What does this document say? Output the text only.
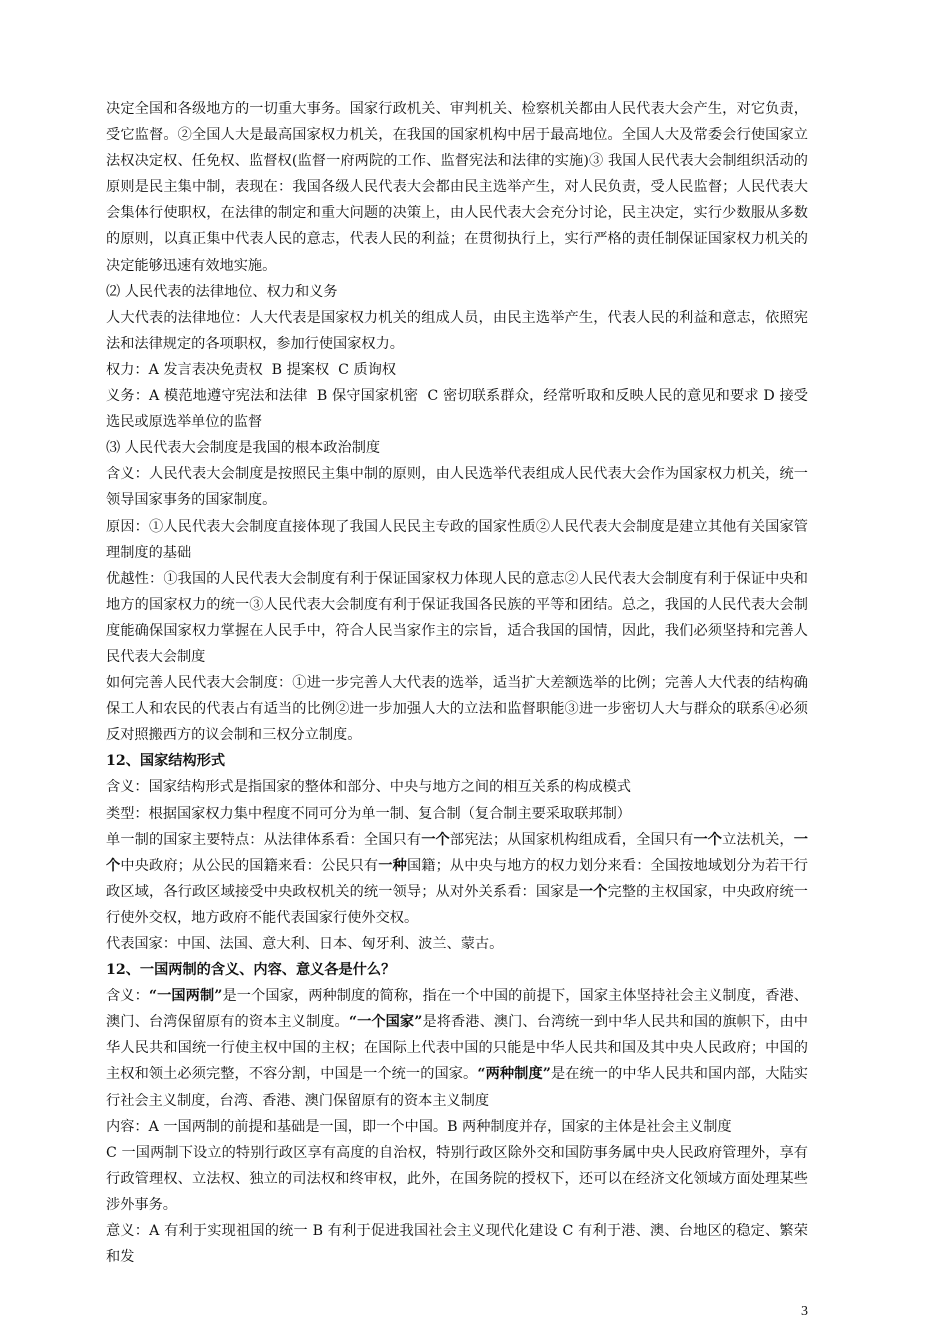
决定全国和各级地方的一切重大事务。国家行政机关、审判机关、检察机关都由人民代表大会产生，对它负责，受它监督。②全国人大是最高国家权力机关，在我国的国家机构中居于最高地位。全国人大及常委会行使国家立法权决定权、任免权、监督权(监督一府两院的工作、监督宪法和法律的实施)③ 我国人民代表大会制组织活动的原则是民主集中制，表现在：我国各级人民代表大会都由民主选举产生，对人民负责，受人民监督；人民代表大会集体行使职权，在法律的制定和重大问题的决策上，由人民代表大会充分讨论，民主决定，实行少数服从多数的原则，以真正集中代表人民的意志，代表人民的利益；在贯彻执行上，实行严格的责任制保证国家权力机关的决定能够迅速有效地实施。

⑵ 人民代表的法律地位、权力和义务

人大代表的法律地位：人大代表是国家权力机关的组成人员，由民主选举产生，代表人民的利益和意志，依照宪法和法律规定的各项职权，参加行使国家权力。

权力：A 发言表决免责权  B 提案权  C 质询权

义务：A 模范地遵守宪法和法律  B 保守国家机密  C 密切联系群众，经常听取和反映人民的意见和要求 D 接受选民或原选举单位的监督

⑶ 人民代表大会制度是我国的根本政治制度

含义：人民代表大会制度是按照民主集中制的原则，由人民选举代表组成人民代表大会作为国家权力机关，统一领导国家事务的国家制度。

原因：①人民代表大会制度直接体现了我国人民民主专政的国家性质②人民代表大会制度是建立其他有关国家管理制度的基础

优越性：①我国的人民代表大会制度有利于保证国家权力体现人民的意志②人民代表大会制度有利于保证中央和地方的国家权力的统一③人民代表大会制度有利于保证我国各民族的平等和团结。总之，我国的人民代表大会制度能确保国家权力掌握在人民手中，符合人民当家作主的宗旨，适合我国的国情，因此，我们必须坚持和完善人民代表大会制度

如何完善人民代表大会制度：①进一步完善人大代表的选举，适当扩大差额选举的比例；完善人大代表的结构确保工人和农民的代表占有适当的比例②进一步加强人大的立法和监督职能③进一步密切人大与群众的联系④必须反对照搬西方的议会制和三权分立制度。

12、国家结构形式

含义：国家结构形式是指国家的整体和部分、中央与地方之间的相互关系的构成模式

类型：根据国家权力集中程度不同可分为单一制、复合制（复合制主要采取联邦制）

单一制的国家主要特点：从法律体系看：全国只有一个部宪法；从国家机构组成看，全国只有一个立法机关，一个中央政府；从公民的国籍来看：公民只有一种国籍；从中央与地方的权力划分来看：全国按地域划分为若干行政区域，各行政区域接受中央政权机关的统一领导；从对外关系看：国家是一个完整的主权国家，中央政府统一行使外交权，地方政府不能代表国家行使外交权。

代表国家：中国、法国、意大利、日本、匈牙利、波兰、蒙古。

12、一国两制的含义、内容、意义各是什么？

含义：“一国两制”是一个国家，两种制度的简称，指在一个中国的前提下，国家主体坚持社会主义制度，香港、澳门、台湾保留原有的资本主义制度。“一个国家”是将香港、澳门、台湾统一到中华人民共和国的旗帜下，由中华人民共和国统一行使主权中国的主权；在国际上代表中国的只能是中华人民共和国及其中央人民政府；中国的主权和领土必须完整，不容分割，中国是一个统一的国家。“两种制度”是在统一的中华人民共和国内部，大陆实行社会主义制度，台湾、香港、澳门保留原有的资本主义制度

内容：A 一国两制的前提和基础是一国，即一个中国。B 两种制度并存，国家的主体是社会主义制度

C 一国两制下设立的特别行政区享有高度的自治权，特别行政区除外交和国防事务属中央人民政府管理外，享有行政管理权、立法权、独立的司法权和终审权，此外，在国务院的授权下，还可以在经济文化领域方面处理某些涉外事务。

意义：A 有利于实现祖国的统一 B 有利于促进我国社会主义现代化建设 C 有利于港、澳、台地区的稳定、繁荣和发

3
